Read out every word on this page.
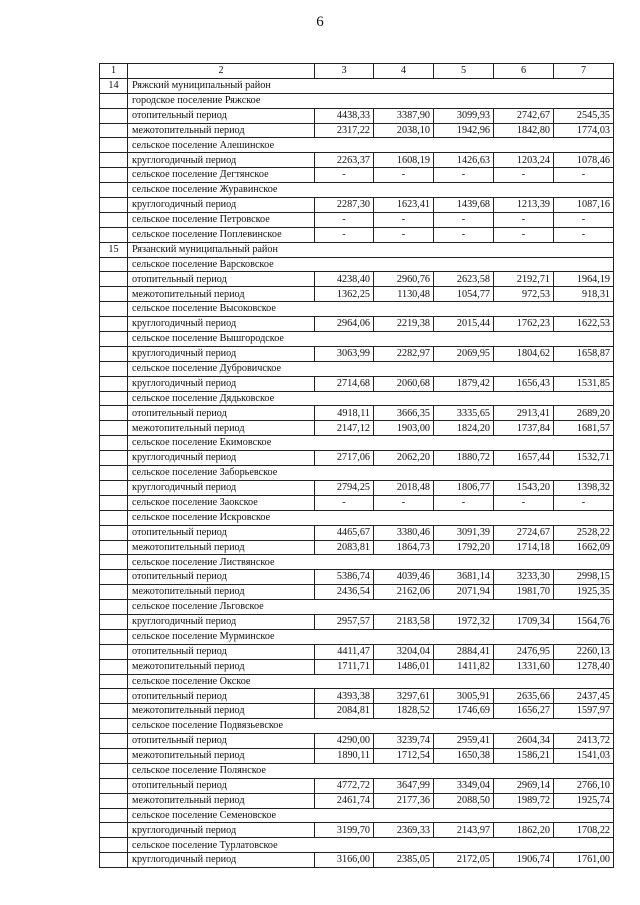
6
1	2	3	4	5	6	7
14	Ряжский муниципальный район					
	городское поселение Ряжское					
	отопительный период	4438,33	3387,90	3099,93	2742,67	2545,35
	межотопительный период	2317,22	2038,10	1942,96	1842,80	1774,03
	сельское поселение Алешинское					
	круглогодичный период	2263,37	1608,19	1426,63	1203,24	1078,46
	сельское поселение Дегтянское	-	-	-	-	-
	сельское поселение Журавинское					
	круглогодичный период	2287,30	1623,41	1439,68	1213,39	1087,16
	сельское поселение Петровское	-	-	-	-	-
	сельское поселение Поплевинское	-	-	-	-	-
15	Рязанский муниципальный район					
	сельское поселение Варсковское					
	отопительный период	4238,40	2960,76	2623,58	2192,71	1964,19
	межотопительный период	1362,25	1130,48	1054,77	972,53	918,31
	сельское поселение Высоковское					
	круглогодичный период	2964,06	2219,38	2015,44	1762,23	1622,53
	сельское поселение Вышгородское					
	круглогодичный период	3063,99	2282,97	2069,95	1804,62	1658,87
	сельское поселение Дубровичское					
	круглогодичный период	2714,68	2060,68	1879,42	1656,43	1531,85
	сельское поселение Дядьковское					
	отопительный период	4918,11	3666,35	3335,65	2913,41	2689,20
	межотопительный период	2147,12	1903,00	1824,20	1737,84	1681,57
	сельское поселение Екимовское					
	круглогодичный период	2717,06	2062,20	1880,72	1657,44	1532,71
	сельское поселение Заборьевское					
	круглогодичный период	2794,25	2018,48	1806,77	1543,20	1398,32
	сельское поселение Заокское	-	-	-	-	-
	сельское поселение Искровское					
	отопительный период	4465,67	3380,46	3091,39	2724,67	2528,22
	межотопительный период	2083,81	1864,73	1792,20	1714,18	1662,09
	сельское поселение Листвянское					
	отопительный период	5386,74	4039,46	3681,14	3233,30	2998,15
	межотопительный период	2436,54	2162,06	2071,94	1981,70	1925,35
	сельское поселение Льговское					
	круглогодичный период	2957,57	2183,58	1972,32	1709,34	1564,76
	сельское поселение Мурминское					
	отопительный период	4411,47	3204,04	2884,41	2476,95	2260,13
	межотопительный период	1711,71	1486,01	1411,82	1331,60	1278,40
	сельское поселение Окское					
	отопительный период	4393,38	3297,61	3005,91	2635,66	2437,45
	межотопительный период	2084,81	1828,52	1746,69	1656,27	1597,97
	сельское поселение Подвязьевское					
	отопительный период	4290,00	3239,74	2959,41	2604,34	2413,72
	межотопительный период	1890,11	1712,54	1650,38	1586,21	1541,03
	сельское поселение Полянское					
	отопительный период	4772,72	3647,99	3349,04	2969,14	2766,10
	межотопительный период	2461,74	2177,36	2088,50	1989,72	1925,74
	сельское поселение Семеновское					
	круглогодичный период	3199,70	2369,33	2143,97	1862,20	1708,22
	сельское поселение Турлатовское					
	круглогодичный период	3166,00	2385,05	2172,05	1906,74	1761,00
